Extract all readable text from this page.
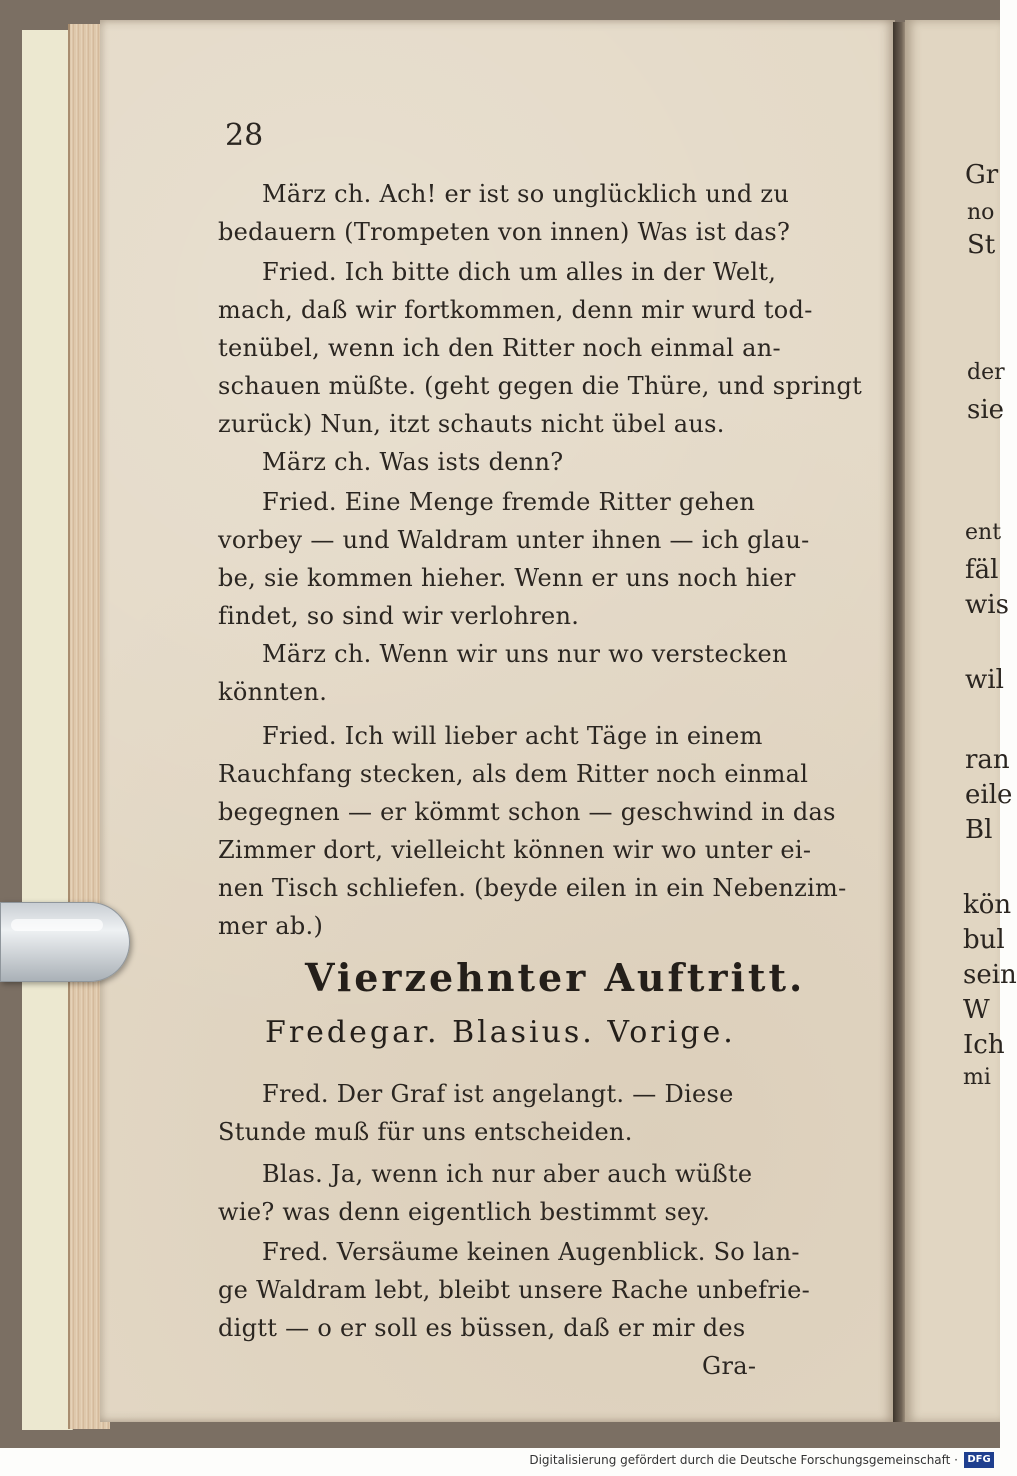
Gr
no
St
der
sie
ent
fäl
wis
wil
ran
eile
Bl
kön
bul
sein
W
Ich
mi
28
März ch. Ach! er ist so unglücklich und zu
bedauern (Trompeten von innen) Was ist das?
Fried. Ich bitte dich um alles in der Welt,
mach, daß wir fortkommen, denn mir wurd tod-
tenübel, wenn ich den Ritter noch einmal an-
schauen müßte. (geht gegen die Thüre, und springt
zurück) Nun, itzt schauts nicht übel aus.
März ch. Was ists denn?
Fried. Eine Menge fremde Ritter gehen
vorbey — und Waldram unter ihnen — ich glau-
be, sie kommen hieher. Wenn er uns noch hier
findet, so sind wir verlohren.
März ch. Wenn wir uns nur wo verstecken
könnten.
Fried. Ich will lieber acht Täge in einem
Rauchfang stecken, als dem Ritter noch einmal
begegnen — er kömmt schon — geschwind in das
Zimmer dort, vielleicht können wir wo unter ei-
nen Tisch schliefen. (beyde eilen in ein Nebenzim-
mer ab.)
Vierzehnter Auftritt.
Fredegar. Blasius. Vorige.
Fred. Der Graf ist angelangt. — Diese
Stunde muß für uns entscheiden.
Blas. Ja, wenn ich nur aber auch wüßte
wie? was denn eigentlich bestimmt sey.
Fred. Versäume keinen Augenblick. So lan-
ge Waldram lebt, bleibt unsere Rache unbefrie-
digtt — o er soll es büssen, daß er mir des
Gra-
Digitalisierung gefördert durch die Deutsche Forschungsgemeinschaft · DFG
